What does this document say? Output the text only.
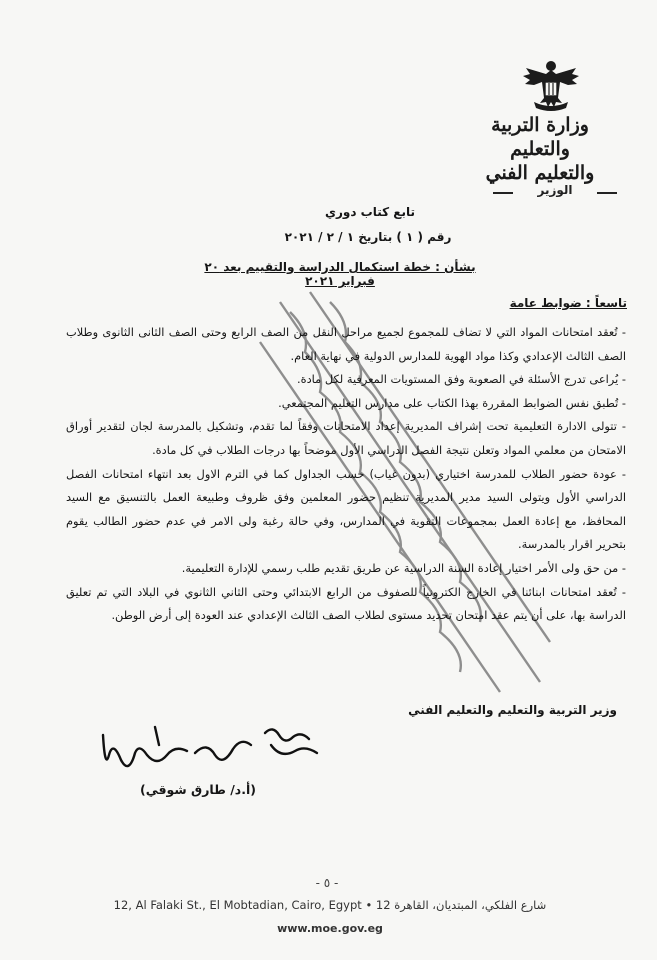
وزارة التربية والتعليم
والتعليم الفني
الوزير
تابع كتاب دوري
رقم ( ١ ) بتاريخ ١ / ٢ / ٢٠٢١
بشأن : خطة استكمال الدراسة والتقييم بعد ٢٠ فبراير ٢٠٢١
تاسعاً : ضوابط عامة

- تُعقد امتحانات المواد التي لا تضاف للمجموع لجميع مراحل النقل من الصف الرابع وحتى الصف الثانى الثانوى وطلاب الصف الثالث الإعدادي وكذا مواد الهوية للمدارس الدولية في نهاية العام.

- يُراعى تدرج الأسئلة في الصعوبة وفق المستويات المعرفية لكل مادة.

- تُطبق نفس الضوابط المقررة بهذا الكتاب على مدارس التعليم المجتمعي.

- تتولى الادارة التعليمية تحت إشراف المديرية إعداد الامتحانات وفقاً لما تقدم، وتشكيل بالمدرسة لجان لتقدير أوراق الامتحان من معلمي المواد وتعلن نتيجة الفصل الدراسي الأول موضحاً بها درجات الطلاب في كل مادة.

- عودة حضور الطلاب للمدرسة اختياري (بدون غياب) حسب الجداول كما في الترم الاول بعد انتهاء امتحانات الفصل الدراسي الأول ويتولى السيد مدير المديرية تنظيم حضور المعلمين وفق ظروف وطبيعة العمل بالتنسيق مع السيد المحافظ، مع إعادة العمل بمجموعات التقوية في المدارس، وفي حالة رغبة ولى الامر في عدم حضور الطالب يقوم بتحرير اقرار بالمدرسة.

- من حق ولى الأمر اختيار إعادة السنة الدراسية عن طريق تقديم طلب رسمي للإدارة التعليمية.

- تُعقد امتحانات ابنائنا في الخارج الكترونياً للصفوف من الرابع الابتدائي وحتى الثاني الثانوي في البلاد التي تم تعليق الدراسة بها، على أن يتم عقد امتحان تحديد مستوى لطلاب الصف الثالث الإعدادي عند العودة إلى أرض الوطن.

وزير التربية والتعليم والتعليم الفني
(أ.د/ طارق شوقي)
- ٥ -
12, Al Falaki St., El Mobtadian, Cairo, Egypt • 12 شارع الفلكي، المبتديان، القاهرة
www.moe.gov.eg
